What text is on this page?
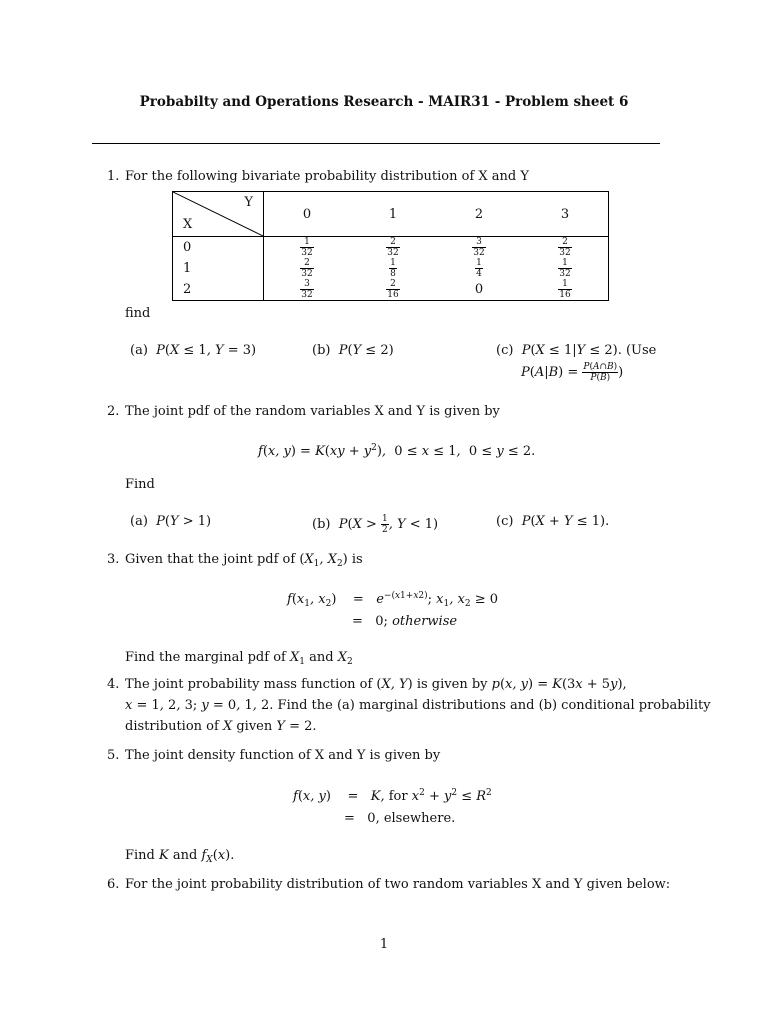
Probabilty and Operations Research - MAIR31 - Problem sheet 6
1. For the following bivariate probability distribution of X and Y
Y
X	0	1	2	3
0	$\frac{1}{32}$	$\frac{2}{32}$	$\frac{3}{32}$	$\frac{2}{32}$

1	$\frac{2}{32}$	$\frac{1}{8}$	$\frac{1}{4}$	$\frac{1}{32}$

2	$\frac{3}{32}$	$\frac{2}{16}$	0	$\frac{1}{16}$
find
(a) P(X ≤ 1, Y = 3)	(b) P(Y ≤ 2)	(c) P(X ≤ 1|Y ≤ 2). (Use
$P(A|B) = \frac{P(A\cap B)}{P(B)}$ )
2. The joint pdf of the random variables X and Y is given by
f(x, $y) = K(xy + y^2)$,  0 ≤ x ≤ 1,  0 ≤ y ≤ 2.
Find
(a) P(Y > 1)	(b) $P(X > \frac{1}{2}$ , Y < 1)	(c) P(X + Y ≤ 1).
3. Given that the joint pdf of ($X_1$, $X_2$) is
$f(x_1$, $x_2$)    =   $e^{-(x1+x2)}$; $x_1$, $x_2 \ge 0$
=   0; otherwise
Find the marginal pdf of $X_1$ and $X_2$
4. The joint probability mass function of (X, Y) is given by p(x, y) = K(3x + 5y),
x = 1, 2, 3; y = 0, 1, 2. Find the (a) marginal distributions and (b) conditional probability
distribution of X given Y = 2.
5. The joint density function of X and Y is given by
f(x, y)    =   K, for $x^2 + y^2 \le R^2$
=   0, elsewhere.
Find K and $f_X(x)$.
6. For the joint probability distribution of two random variables X and Y given below:
1
